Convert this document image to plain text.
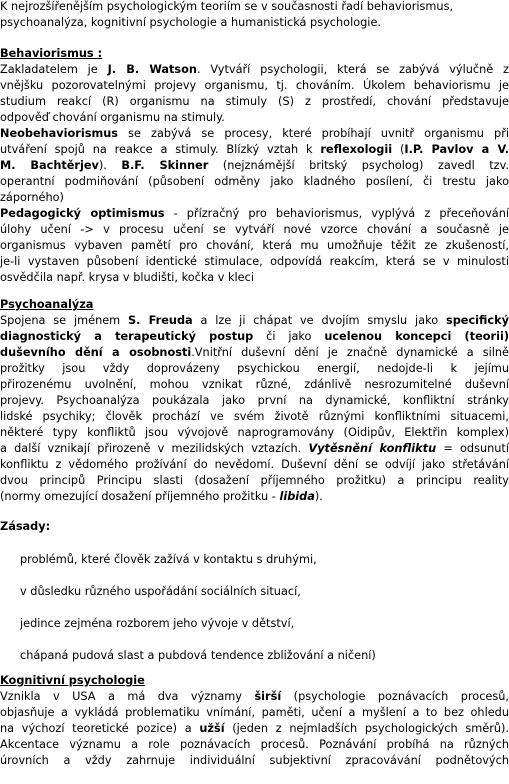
K nejrozšířenějším psychologickým teoriím se v současnosti řadí behaviorismus,
psychoanalýza, kognitivní psychologie a humanistická psychologie.
Behaviorismus :
Zakladatelem je J. B. Watson. Vytváří psychologii, která se zabývá výlučně z
vnějšku pozorovatelnými projevy organismu, tj. chováním. Úkolem behaviorismu je
studium reakcí (R) organismu na stimuly (S) z prostředí, chování představuje
odpověď chování organismu na stimuly.
Neobehaviorismus se zabývá se procesy, které probíhají uvnitř organismu při
utváření spojů na reakce a stimuly. Blízký vztah k reflexologii (I.P. Pavlov a V.
M. Bachtěrjev). B.F. Skinner (nejznámější britský psycholog) zavedl tzv.
operantní podmiňování (působení odměny jako kladného posílení, či trestu jako
záporného)
Pedagogický optimismus - přízračný pro behaviorismus, vyplývá z přeceňování
úlohy učení -> v procesu učení se vytváří nové vzorce chování a současně je
organismus vybaven pamětí pro chování, která mu umožňuje těžit ze zkušeností,
je-li vystaven působení identické stimulace, odpovídá reakcím, která se v minulosti
osvědčila např. krysa v bludišti, kočka v kleci
Psychoanalýza
Spojena se jménem S. Freuda a lze ji chápat ve dvojím smyslu jako specifický
diagnostický a terapeutický postup či jako ucelenou koncepci (teorii)
duševního dění a osobnosti.Vnitřní duševní dění je značně dynamické a silně
prožitky jsou vždy doprovázeny psychickou energií, nedojde-li k jejímu
přirozenému uvolnění, mohou vznikat různé, zdánlivě nesrozumitelné duševní
projevy. Psychoanalýza poukázala jako první na dynamické, konfliktní stránky
lidské psychiky; člověk prochází ve svém životě různými konfliktními situacemi,
některé typy konfliktů jsou vývojově naprogramovány (Oidipův, Elektřin komplex)
a další vznikají přirozeně v mezilidských vztazích. Vytěsnění konfliktu = odsunutí
konfliktu z vědomého prožívání do nevědomí. Duševní dění se odvíjí jako střetávání
dvou principů Principu slasti (dosažení příjemného prožitku) a principu reality
(normy omezující dosažení příjemného prožitku - libida).
Zásady:
problémů, které člověk zažívá v kontaktu s druhými,
v důsledku různého uspořádání sociálních situací,
jedince zejména rozborem jeho vývoje v dětství,
chápaná pudová slast a pubdová tendence zbližování a ničení)
Kognitivní psychologie
Vznikla v USA a má dva významy širší (psychologie poznávacích procesů,
objasňuje a vykládá problematiku vnímání, paměti, učení a myšlení a to bez ohledu
na výchozí teoretické pozice) a užší (jeden z nejmladších psychologických směrů).
Akcentace významu a role poznávacích procesů. Poznávání probíhá na různých
úrovních a vždy zahrnuje individuální subjektivní zpracovávání podnětových
